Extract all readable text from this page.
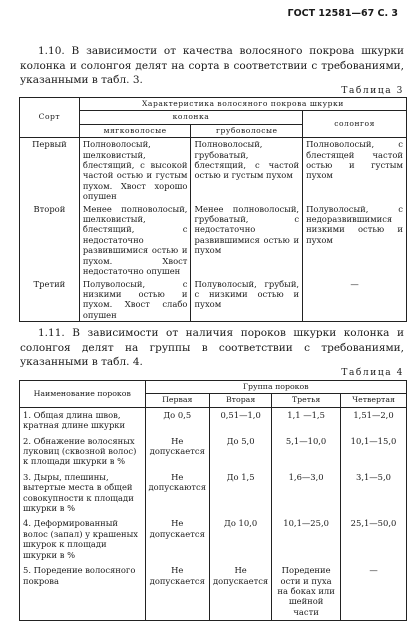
ГОСТ 12581—67 С. 3
1.10. В зависимости от качества волосяного покрова шкурки колонка и солонгоя делят на сорта в соответствии с требованиями, указанными в табл. 3.
Таблица 3
Сорт	Характеристика волосяного покрова шкурки		
	колонка		солонгоя
	мягковолосые	грубоволосые	
Первый	Полноволосый, шелковистый, блестящий, с высокой частой остью и густым пухом. Хвост хорошо опушен	Полноволосый, грубоватый, блестящий, с частой остью и густым пухом	Полноволосый, с блестящей частой остью и густым пухом
Второй	Менее полноволосый, шелковистый, блестящий, с недостаточно развившимися остью и пухом. Хвост недостаточно опушен	Менее полноволосый, грубоватый, с недостаточно развившимися остью и пухом	Полуволосый, с недоразвившимися низкими остью и пухом
Третий	Полуволосый, с низкими остью и пухом. Хвост слабо опушен	Полуволосый, грубый, с низкими остью и пухом	—
1.11. В зависимости от наличия пороков шкурки колонка и солонгоя делят на группы в соответствии с требованиями, указанными в табл. 4.
Таблица 4
Наименование пороков	Группа пороков			
	Первая	Вторая	Третья	Четвертая
1. Общая длина швов, кратная длине шкурки	До 0,5	0,51—1,0	1,1 —1,5	1,51—2,0
2. Обнажение волосяных луковиц (сквозной волос) к площади шкурки в %	Не допускается	До 5,0	5,1—10,0	10,1—15,0
3. Дыры, плешины, вытертые места в общей совокупности к площади шкурки в %	Не допускаются	До 1,5	1,6—3,0	3,1—5,0
4. Деформированный волос (запал) у крашеных шкурок к площади шкурки в %	Не допускается	До 10,0	10,1—25,0	25,1—50,0
5. Поредение волосяного покрова	Не допускается	Не допускается	Поредение ости и пуха на боках или шейной части	—
